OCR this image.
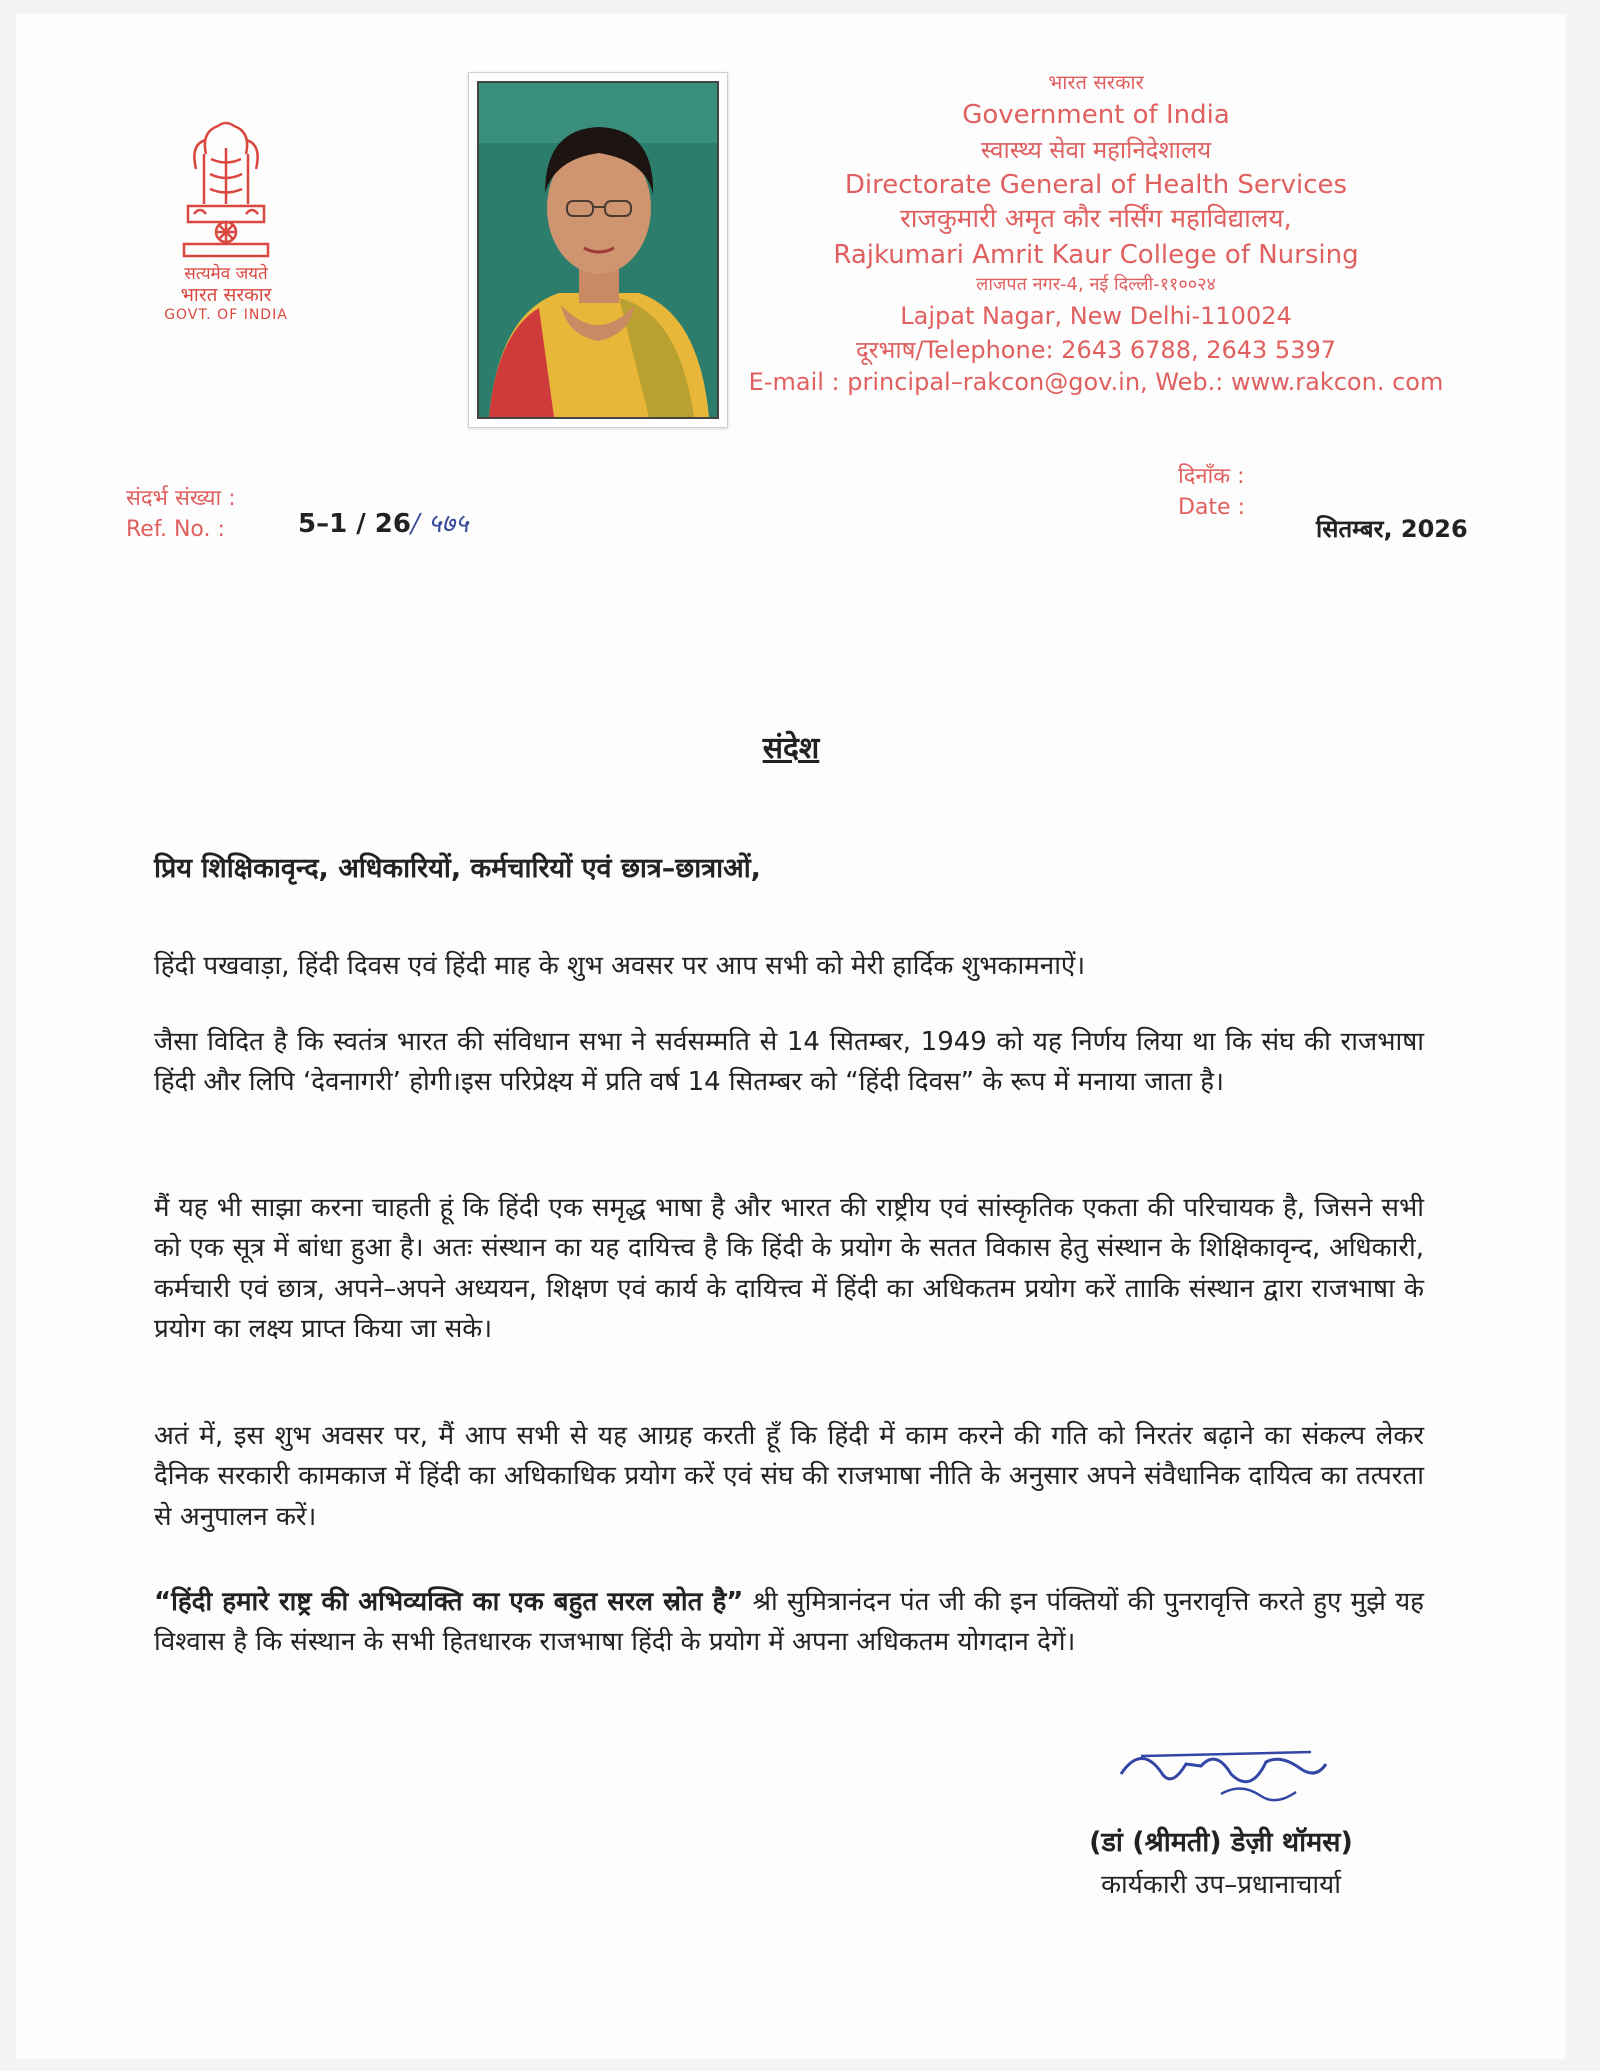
सत्यमेव जयते
भारत सरकार
GOVT. OF INDIA
भारत सरकार
Government of India
स्वास्थ्य सेवा महानिदेशालय
Directorate General of Health Services
राजकुमारी अमृत कौर नर्सिंग महाविद्यालय,
Rajkumari Amrit Kaur College of Nursing
लाजपत नगर-4, नई दिल्ली-११००२४
Lajpat Nagar, New Delhi-110024
दूरभाष/Telephone: 2643 6788, 2643 5397
E-mail : principal–rakcon@gov.in, Web.: www.rakcon. com
संदर्भ संख्या :
Ref. No. :	5–1 / 26/ ५७५
दिनाँक :
Date :
सितम्बर, 2026
संदेश
प्रिय शिक्षिकावृन्द, अधिकारियों, कर्मचारियों एवं छात्र–छात्राओं,
हिंदी पखवाड़ा, हिंदी दिवस एवं हिंदी माह के शुभ अवसर पर आप सभी को मेरी हार्दिक शुभकामनाऐं।
जैसा विदित है कि स्वतंत्र भारत की संविधान सभा ने सर्वसम्मति से 14 सितम्बर, 1949 को यह निर्णय लिया था कि संघ की राजभाषा हिंदी और लिपि ‘देवनागरी’ होगी।इस परिप्रेक्ष्य में प्रति वर्ष 14 सितम्बर को “हिंदी दिवस” के रूप में मनाया जाता है।
मैं यह भी साझा करना चाहती हूं कि हिंदी एक समृद्ध भाषा है और भारत की राष्ट्रीय एवं सांस्कृतिक एकता की परिचायक है, जिसने सभी को एक सूत्र में बांधा हुआ है। अतः संस्थान का यह दायित्त्व है कि हिंदी के प्रयोग के सतत विकास हेतु संस्थान के शिक्षिकावृन्द, अधिकारी, कर्मचारी एवं छात्र, अपने–अपने अध्ययन, शिक्षण एवं कार्य के दायित्त्व में हिंदी का अधिकतम प्रयोग करें तााकि संस्थान द्वारा राजभाषा के प्रयोग का लक्ष्य प्राप्त किया जा सके।
अतं में, इस शुभ अवसर पर, मैं आप सभी से यह आग्रह करती हूँ कि हिंदी में काम करने की गति को निरतंर बढ़ाने का संकल्प लेकर दैनिक सरकारी कामकाज में हिंदी का अधिकाधिक प्रयोग करें एवं संघ की राजभाषा नीति के अनुसार अपने संवैधानिक दायित्व का तत्परता से अनुपालन करें।
“हिंदी हमारे राष्ट्र की अभिव्यक्ति का एक बहुत सरल स्रोत है” श्री सुमित्रानंदन पंत जी की इन पंक्तियों की पुनरावृत्ति करते हुए मुझे यह विश्वास है कि संस्थान के सभी हितधारक राजभाषा हिंदी के प्रयोग में अपना अधिकतम योगदान देगें।
(डां (श्रीमती) डेज़ी थॉमस)
कार्यकारी उप–प्रधानाचार्या
